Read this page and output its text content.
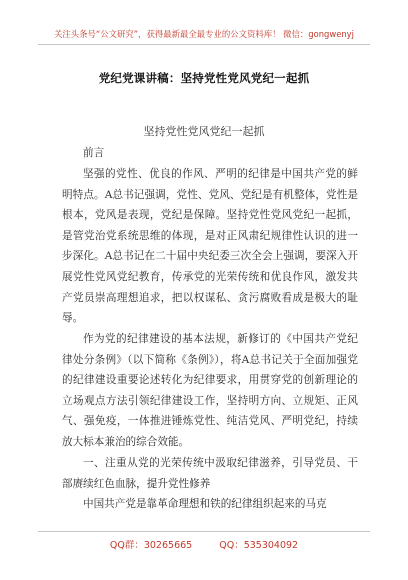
关注头条号“公文研究”，获得最新最全最专业的公文资料库！ 微信：gongwenyj
党纪党课讲稿：坚持党性党风党纪一起抓
坚持党性党风党纪一起抓
前言
坚强的党性、优良的作风、严明的纪律是中国共产党的鲜明特点。A总书记强调，党性、党风、党纪是有机整体，党性是根本，党风是表现，党纪是保障。坚持党性党风党纪一起抓，是管党治党系统思维的体现，是对正风肃纪规律性认识的进一步深化。A总书记在二十届中央纪委三次全会上强调，要深入开展党性党风党纪教育，传承党的光荣传统和优良作风，激发共产党员崇高理想追求，把以权谋私、贪污腐败看成是极大的耻辱。
作为党的纪律建设的基本法规，新修订的《中国共产党纪律处分条例》（以下简称《条例》），将A总书记关于全面加强党的纪律建设重要论述转化为纪律要求，用贯穿党的创新理论的立场观点方法引领纪律建设工作，坚持明方向、立规矩、正风气、强免疫，一体推进锤炼党性、纯洁党风、严明党纪，持续放大标本兼治的综合效能。
一、注重从党的光荣传统中汲取纪律滋养，引导党员、干部赓续红色血脉，提升党性修养
中国共产党是靠革命理想和铁的纪律组织起来的马克
QQ群：30265665	QQ：535304092
